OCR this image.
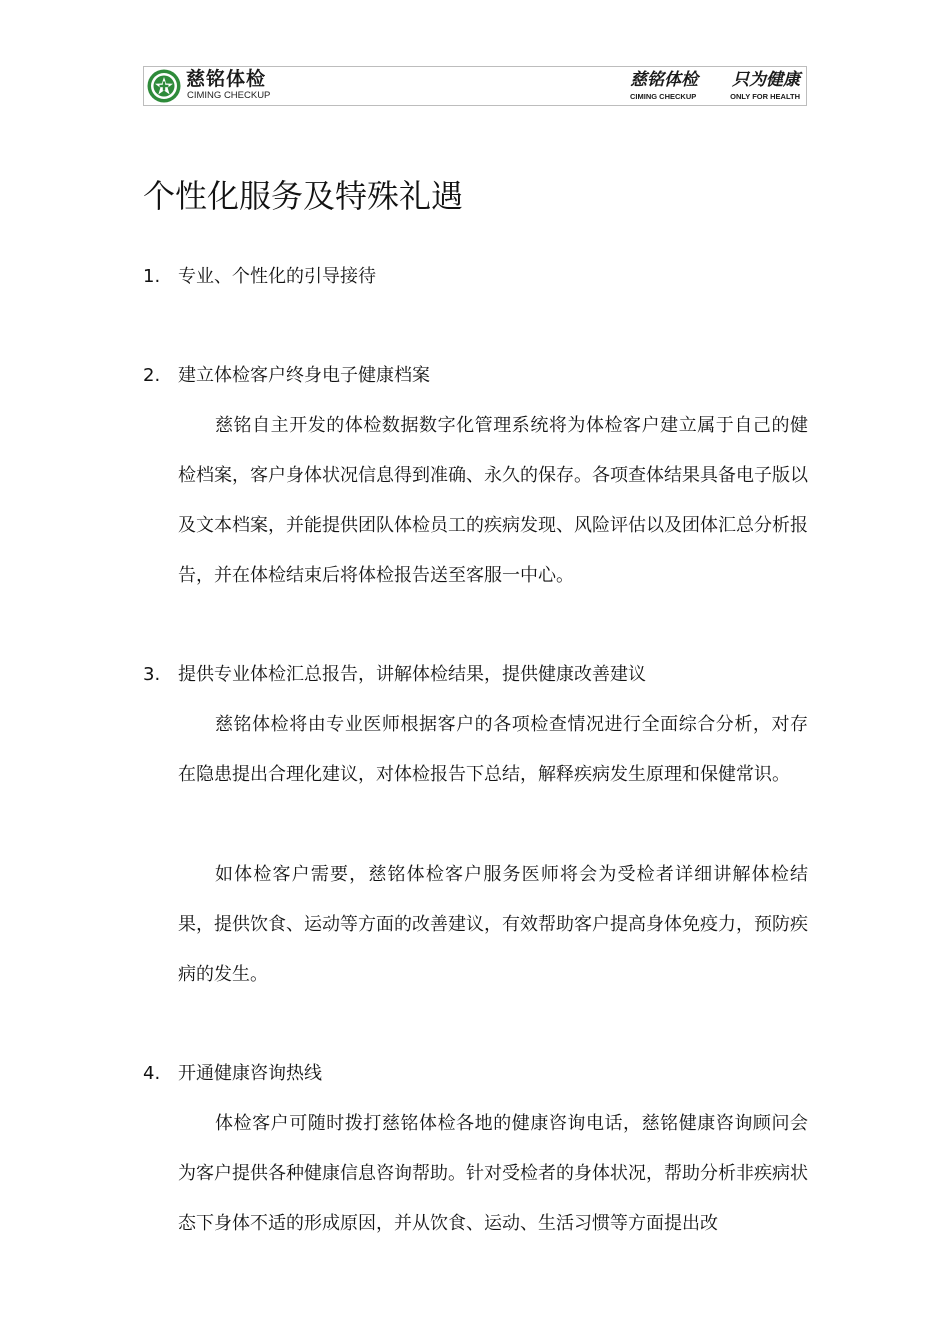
慈铭体检
CIMING CHECKUP
慈铭体检 只为健康
CIMING CHECKUP	ONLY FOR HEALTH
个性化服务及特殊礼遇
1. 专业、个性化的引导接待
2. 建立体检客户终身电子健康档案

慈铭自主开发的体检数据数字化管理系统将为体检客户建立属于自己的健检档案，客户身体状况信息得到准确、永久的保存。各项查体结果具备电子版以及文本档案，并能提供团队体检员工的疾病发现、风险评估以及团体汇总分析报告，并在体检结束后将体检报告送至客服一中心。

3. 提供专业体检汇总报告，讲解体检结果，提供健康改善建议

慈铭体检将由专业医师根据客户的各项检查情况进行全面综合分析，对存在隐患提出合理化建议，对体检报告下总结，解释疾病发生原理和保健常识。

如体检客户需要，慈铭体检客户服务医师将会为受检者详细讲解体检结果，提供饮食、运动等方面的改善建议，有效帮助客户提高身体免疫力，预防疾病的发生。

4. 开通健康咨询热线

体检客户可随时拨打慈铭体检各地的健康咨询电话，慈铭健康咨询顾问会为客户提供各种健康信息咨询帮助。针对受检者的身体状况，帮助分析非疾病状态下身体不适的形成原因，并从饮食、运动、生活习惯等方面提出改
